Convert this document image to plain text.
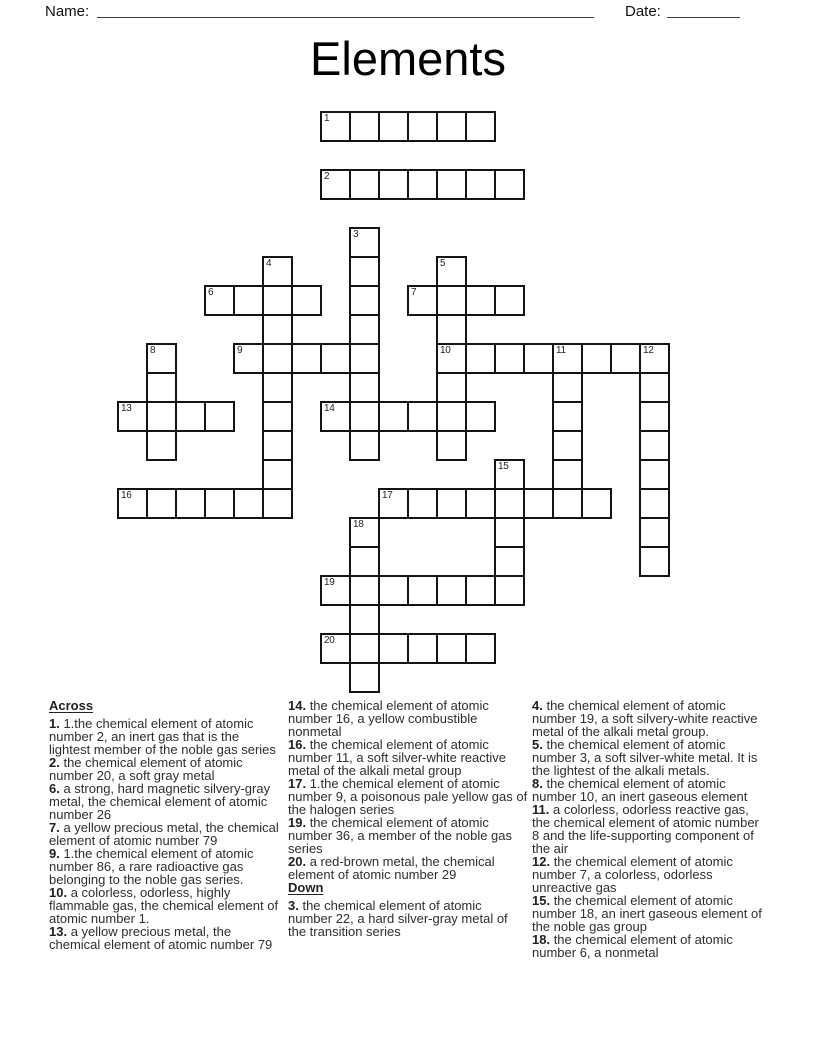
Name:	Date:
Elements
1
2
3
4	5
10
6	7
8	9	11	12
13	14
15
16	17
18
19
20
Across
1. 1.the chemical element of atomic number 2, an inert gas that is the lightest member of the noble gas series
2. the chemical element of atomic number 20, a soft gray metal
6. a strong, hard magnetic silvery-gray metal, the chemical element of atomic number 26
7. a yellow precious metal, the chemical element of atomic number 79
9. 1.the chemical element of atomic number 86, a rare radioactive gas belonging to the noble gas series.
10. a colorless, odorless, highly flammable gas, the chemical element of atomic number 1.
13. a yellow precious metal, the chemical element of atomic number 79
14. the chemical element of atomic number 16, a yellow combustible nonmetal
16. the chemical element of atomic number 11, a soft silver-white reactive metal of the alkali metal group
17. 1.the chemical element of atomic number 9, a poisonous pale yellow gas of the halogen series
19. the chemical element of atomic number 36, a member of the noble gas series
20. a red-brown metal, the chemical element of atomic number 29
Down
3. the chemical element of atomic number 22, a hard silver-gray metal of the transition series
4. the chemical element of atomic number 19, a soft silvery-white reactive metal of the alkali metal group.
5. the chemical element of atomic number 3, a soft silver-white metal. It is the lightest of the alkali metals.
8. the chemical element of atomic number 10, an inert gaseous element
11. a colorless, odorless reactive gas, the chemical element of atomic number 8 and the life-supporting component of the air
12. the chemical element of atomic number 7, a colorless, odorless unreactive gas
15. the chemical element of atomic number 18, an inert gaseous element of the noble gas group
18. the chemical element of atomic number 6, a nonmetal
